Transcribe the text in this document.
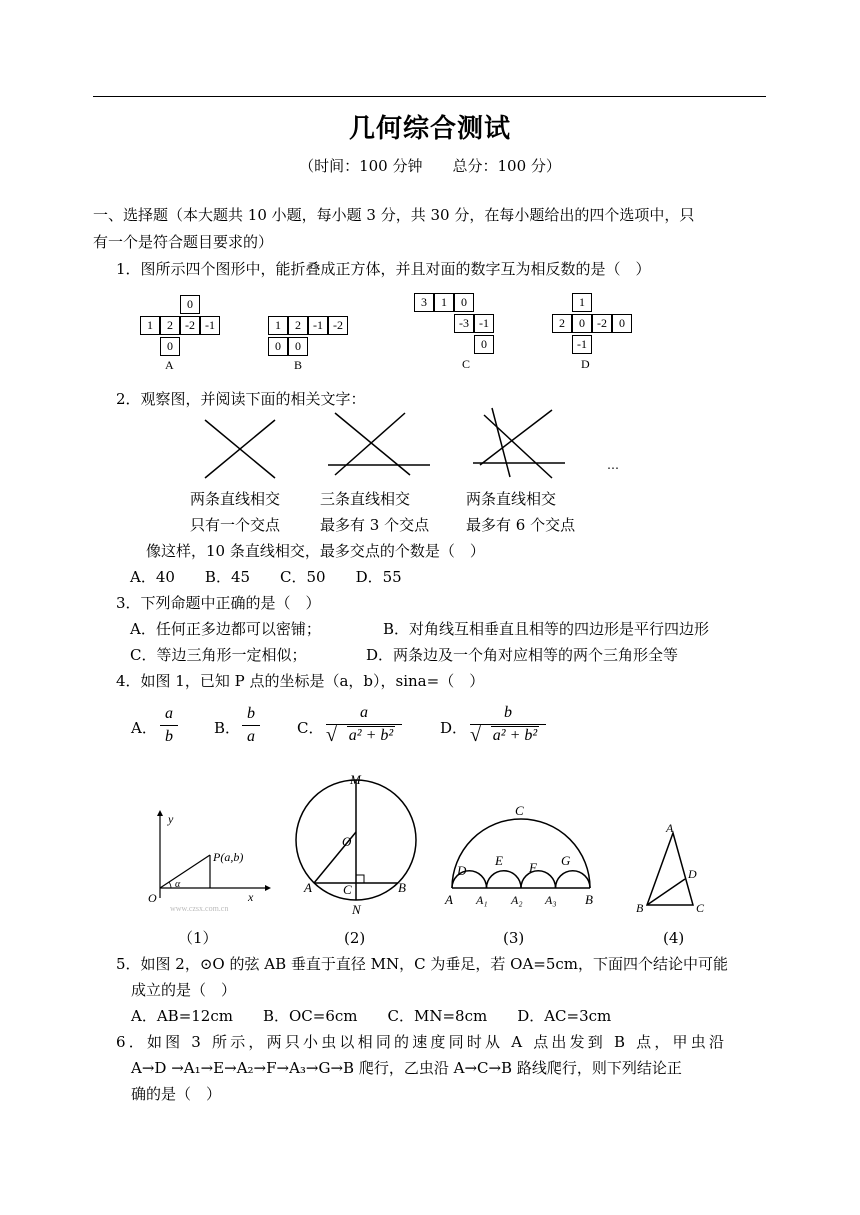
几何综合测试
（时间：100 分钟　　总分：100 分）
一、选择题（本大题共 10 小题，每小题 3 分，共 30 分，在每小题给出的四个选项中，只
有一个是符合题目要求的）
1．图所示四个图形中，能折叠成正方体，并且对面的数字互为相反数的是（　）
0
1	2	-2 -1
0
A
1	2	-1 -2
0	0
B
3	1	0
-3 -1
0
C
1
2	0	-2	0
-1
D
2．观察图，并阅读下面的相关文字：
…
两条直线相交
只有一个交点
三条直线相交
最多有 3 个交点
两条直线相交
最多有 6 个交点
像这样，10 条直线相交，最多交点的个数是（　）
A．40　　B．45　　C．50　　D．55
3．下列命题中正确的是（　）
A．任何正多边都可以密铺；	B．对角线互相垂直且相等的四边形是平行四边形
C．等边三角形一定相似；	D．两条边及一个角对应相等的两个三角形全等
4．如图 1，已知 P 点的坐标是（a，b），sina=（　）
A．
a
b	B．
b
a	C．
a
√ a² + b²	D．
b
√ a² + b²
y
x
O
α
P(a,b)
www.czsx.com.cn
（1）
M
O
A C	B
N
(2)
C
E F G
D
A A₁ A₂ A₃ B
(3)
A
D
B	C
(4)
5．如图 2，⊙O 的弦 AB 垂直于直径 MN，C 为垂足，若 OA=5cm，下面四个结论中可能
成立的是（　）
A．AB=12cm　　B．OC=6cm　　C．MN=8cm　　D．AC=3cm
6．如图 3 所示，两只小虫以相同的速度同时从 A 点出发到 B 点，甲虫沿
A→D →A₁→E→A₂→F→A₃→G→B 爬行，乙虫沿 A→C→B 路线爬行，则下列结论正
确的是（　）
